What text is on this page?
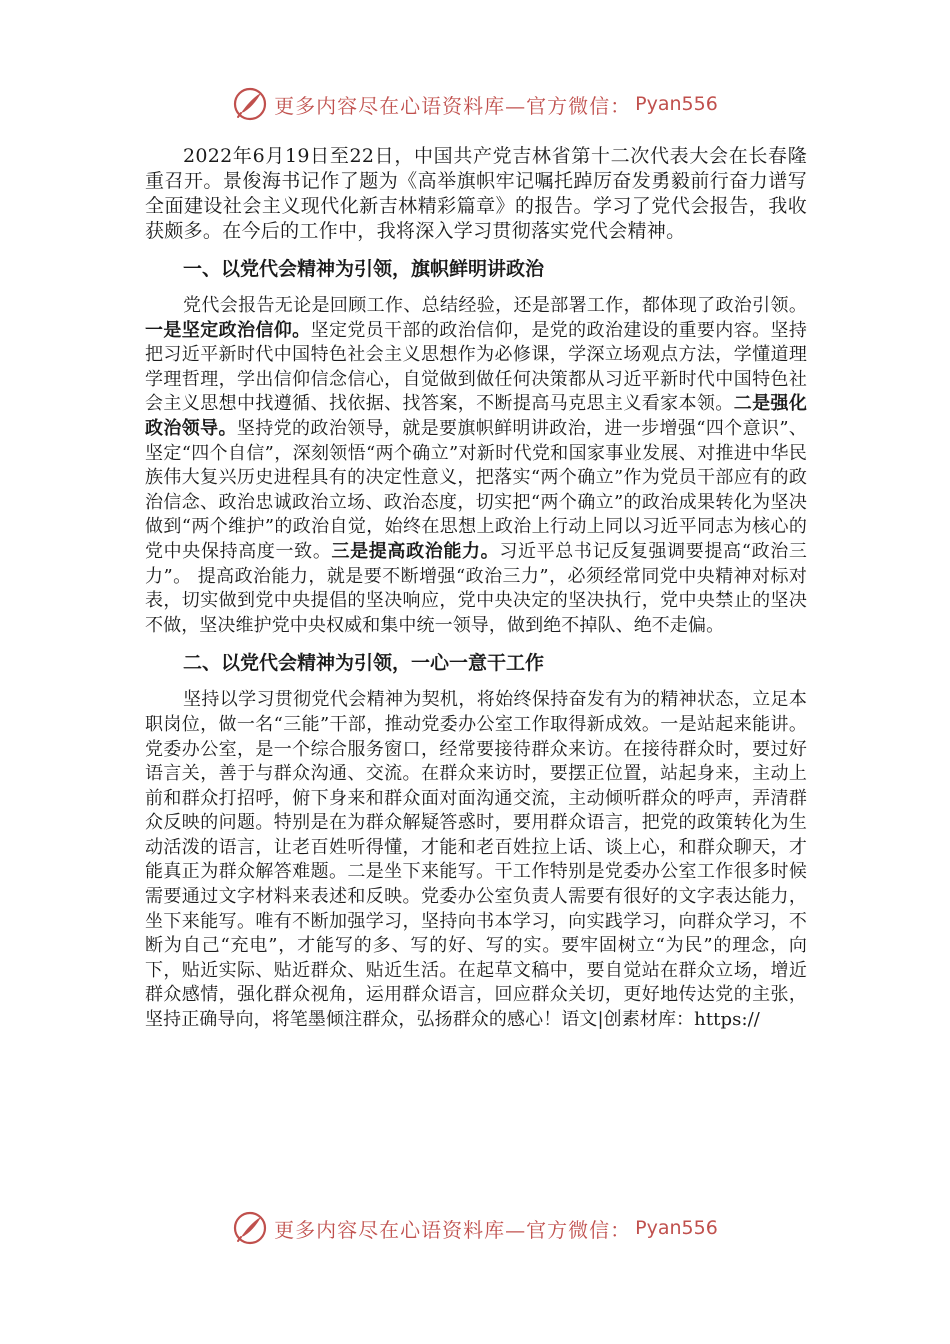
更多内容尽在心语资料库—官方微信： Pyan556

2022年6月19日至22日，中国共产党吉林省第十二次代表大会在长春隆重召开。景俊海书记作了题为《高举旗帜牢记嘱托踔厉奋发勇毅前行奋力谱写全面建设社会主义现代化新吉林精彩篇章》的报告。学习了党代会报告，我收获颇多。在今后的工作中，我将深入学习贯彻落实党代会精神。

一、以党代会精神为引领，旗帜鲜明讲政治

党代会报告无论是回顾工作、总结经验，还是部署工作，都体现了政治引领。一是坚定政治信仰。坚定党员干部的政治信仰，是党的政治建设的重要内容。坚持把习近平新时代中国特色社会主义思想作为必修课，学深立场观点方法，学懂道理学理哲理，学出信仰信念信心，自觉做到做任何决策都从习近平新时代中国特色社会主义思想中找遵循、找依据、找答案，不断提高马克思主义看家本领。二是强化政治领导。坚持党的政治领导，就是要旗帜鲜明讲政治，进一步增强“四个意识”、坚定“四个自信”，深刻领悟“两个确立”对新时代党和国家事业发展、对推进中华民族伟大复兴历史进程具有的决定性意义，把落实“两个确立”作为党员干部应有的政治信念、政治忠诚政治立场、政治态度，切实把“两个确立”的政治成果转化为坚决做到“两个维护”的政治自觉，始终在思想上政治上行动上同以习近平同志为核心的党中央保持高度一致。三是提高政治能力。习近平总书记反复强调要提高“政治三力”。 提高政治能力，就是要不断增强“政治三力”，必须经常同党中央精神对标对表，切实做到党中央提倡的坚决响应，党中央决定的坚决执行，党中央禁止的坚决不做，坚决维护党中央权威和集中统一领导，做到绝不掉队、绝不走偏。

二、以党代会精神为引领，一心一意干工作

坚持以学习贯彻党代会精神为契机，将始终保持奋发有为的精神状态，立足本职岗位，做一名“三能”干部，推动党委办公室工作取得新成效。一是站起来能讲。党委办公室，是一个综合服务窗口，经常要接待群众来访。在接待群众时，要过好语言关，善于与群众沟通、交流。在群众来访时，要摆正位置，站起身来，主动上前和群众打招呼，俯下身来和群众面对面沟通交流，主动倾听群众的呼声，弄清群众反映的问题。特别是在为群众解疑答惑时，要用群众语言，把党的政策转化为生动活泼的语言，让老百姓听得懂，才能和老百姓拉上话、谈上心，和群众聊天，才能真正为群众解答难题。二是坐下来能写。干工作特别是党委办公室工作很多时候需要通过文字材料来表述和反映。党委办公室负责人需要有很好的文字表达能力，坐下来能写。唯有不断加强学习，坚持向书本学习，向实践学习，向群众学习，不断为自己“充电”，才能写的多、写的好、写的实。要牢固树立“为民”的理念，向下，贴近实际、贴近群众、贴近生活。在起草文稿中，要自觉站在群众立场，增近群众感情，强化群众视角，运用群众语言，回应群众关切，更好地传达党的主张，坚持正确导向，将笔墨倾注群众，弘扬群众的感心！语文|创素材库：https://

更多内容尽在心语资料库—官方微信： Pyan556
